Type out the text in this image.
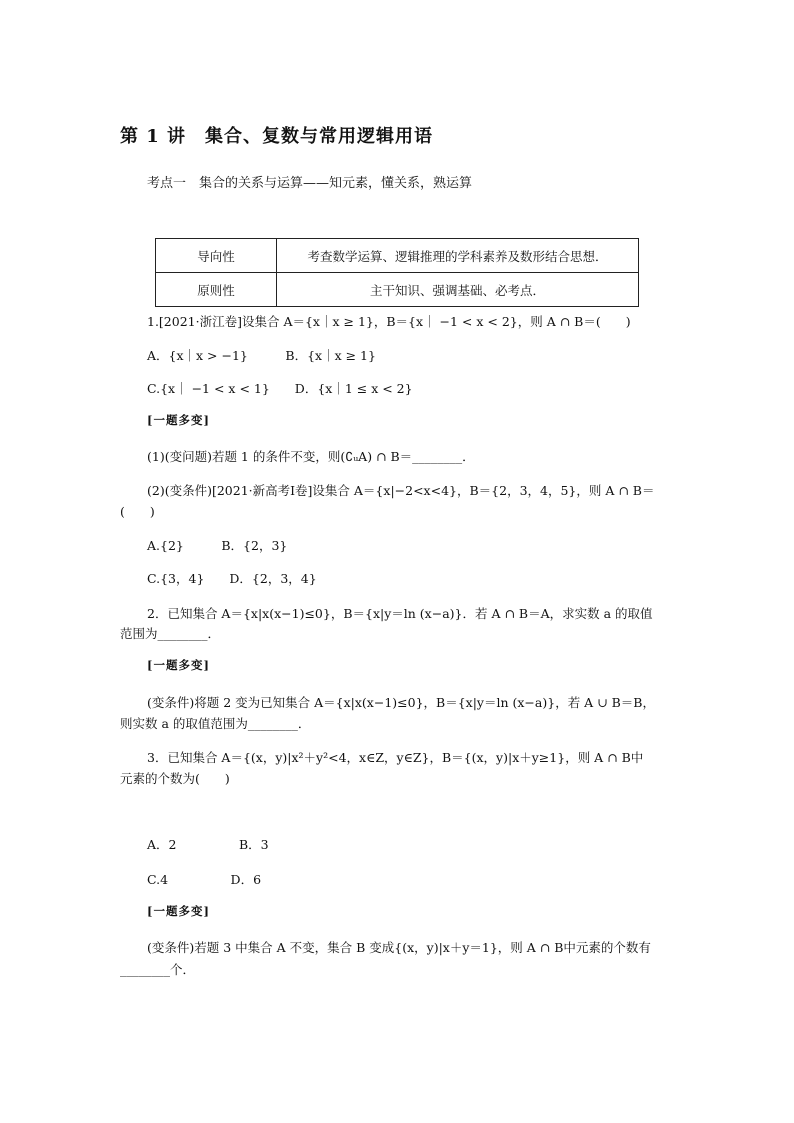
第 1 讲　集合、复数与常用逻辑用语
考点一　集合的关系与运算——知元素，懂关系，熟运算
导向性	考查数学运算、逻辑推理的学科素养及数形结合思想．
原则性	主干知识、强调基础、必考点．
1.[2021·浙江卷]设集合 A＝{x｜x ≥ 1}，B＝{x｜ −1 < x < 2}，则 A ∩ B＝(　　)
A．{x｜x > −1}　　　B．{x｜x ≥ 1}
C.{x｜ −1 < x < 1}　　D．{x｜1 ≤ x < 2}
[一题多变]
(1)(变问题)若题 1 的条件不变，则(∁ᵤA) ∩ B＝________．
(2)(变条件)[2021·新高考Ⅰ卷]设集合 A＝{x|−2<x<4}，B＝{2，3，4，5}，则 A ∩ B＝
(　　)
A.{2}　　　B．{2，3}
C.{3，4}　　D．{2，3，4}
2．已知集合 A＝{x|x(x−1)≤0}，B＝{x|y＝ln (x−a)}．若 A ∩ B＝A，求实数 a 的取值
范围为________．
[一题多变]
(变条件)将题 2 变为已知集合 A＝{x|x(x−1)≤0}，B＝{x|y＝ln (x−a)}，若 A ∪ B＝B，
则实数 a 的取值范围为________．
3．已知集合 A＝{(x，y)|x²＋y²<4，x∈Z，y∈Z}，B＝{(x，y)|x＋y≥1}，则 A ∩ B中
元素的个数为(　　)
A．2　　　　　B．3
C.4　　　　　D．6
[一题多变]
(变条件)若题 3 中集合 A 不变，集合 B 变成{(x，y)|x＋y＝1}，则 A ∩ B中元素的个数有
________个．
